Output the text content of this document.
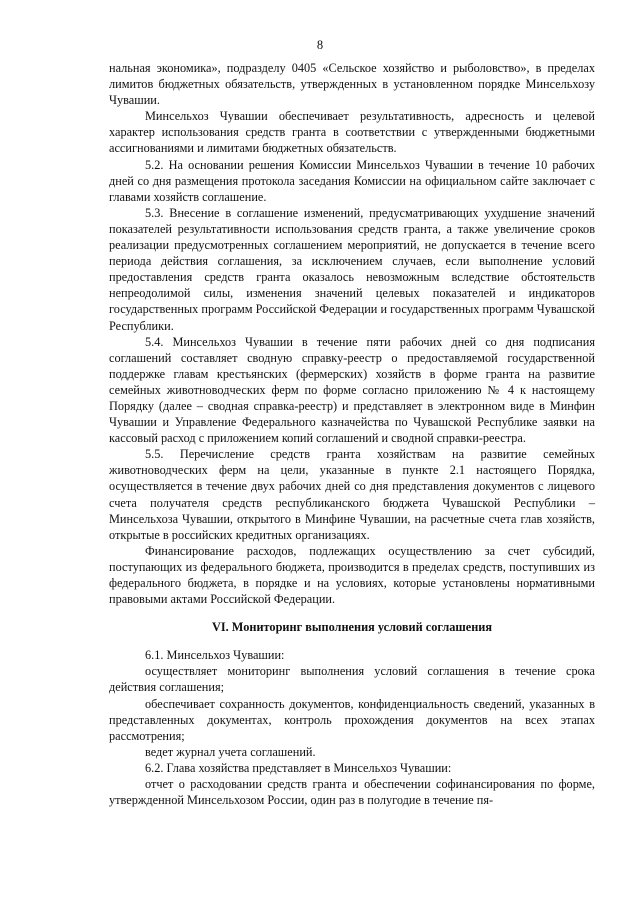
8

нальная экономика», подразделу 0405 «Сельское хозяйство и рыболовство», в пределах лимитов бюджетных обязательств, утвержденных в установленном порядке Минсельхозу Чувашии.

Минсельхоз Чувашии обеспечивает результативность, адресность и целевой характер использования средств гранта в соответствии с утвержденными бюджетными ассигнованиями и лимитами бюджетных обязательств.

5.2. На основании решения Комиссии Минсельхоз Чувашии в течение 10 рабочих дней со дня размещения протокола заседания Комиссии на официальном сайте заключает с главами хозяйств соглашение.

5.3. Внесение в соглашение изменений, предусматривающих ухудшение значений показателей результативности использования средств гранта, а также увеличение сроков реализации предусмотренных соглашением мероприятий, не допускается в течение всего периода действия соглашения, за исключением случаев, если выполнение условий предоставления средств гранта оказалось невозможным вследствие обстоятельств непреодолимой силы, изменения значений целевых показателей и индикаторов государственных программ Российской Федерации и государственных программ Чувашской Республики.

5.4. Минсельхоз Чувашии в течение пяти рабочих дней со дня подписания соглашений составляет сводную справку-реестр о предоставляемой государственной поддержке главам крестьянских (фермерских) хозяйств в форме гранта на развитие семейных животноводческих ферм по форме согласно приложению № 4 к настоящему Порядку (далее – сводная справка-реестр) и представляет в электронном виде в Минфин Чувашии и Управление Федерального казначейства по Чувашской Республике заявки на кассовый расход с приложением копий соглашений и сводной справки-реестра.

5.5. Перечисление средств гранта хозяйствам на развитие семейных животноводческих ферм на цели, указанные в пункте 2.1 настоящего Порядка, осуществляется в течение двух рабочих дней со дня представления документов с лицевого счета получателя средств республиканского бюджета Чувашской Республики – Минсельхоза Чувашии, открытого в Минфине Чувашии, на расчетные счета глав хозяйств, открытые в российских кредитных организациях.

Финансирование расходов, подлежащих осуществлению за счет субсидий, поступающих из федерального бюджета, производится в пределах средств, поступивших из федерального бюджета, в порядке и на условиях, которые установлены нормативными правовыми актами Российской Федерации.

VI. Мониторинг выполнения условий соглашения

6.1. Минсельхоз Чувашии:

осуществляет мониторинг выполнения условий соглашения в течение срока действия соглашения;

обеспечивает сохранность документов, конфиденциальность сведений, указанных в представленных документах, контроль прохождения документов на всех этапах рассмотрения;

ведет журнал учета соглашений.

6.2. Глава хозяйства представляет в Минсельхоз Чувашии:

отчет о расходовании средств гранта и обеспечении софинансирования по форме, утвержденной Минсельхозом России, один раз в полугодие в течение пя-
